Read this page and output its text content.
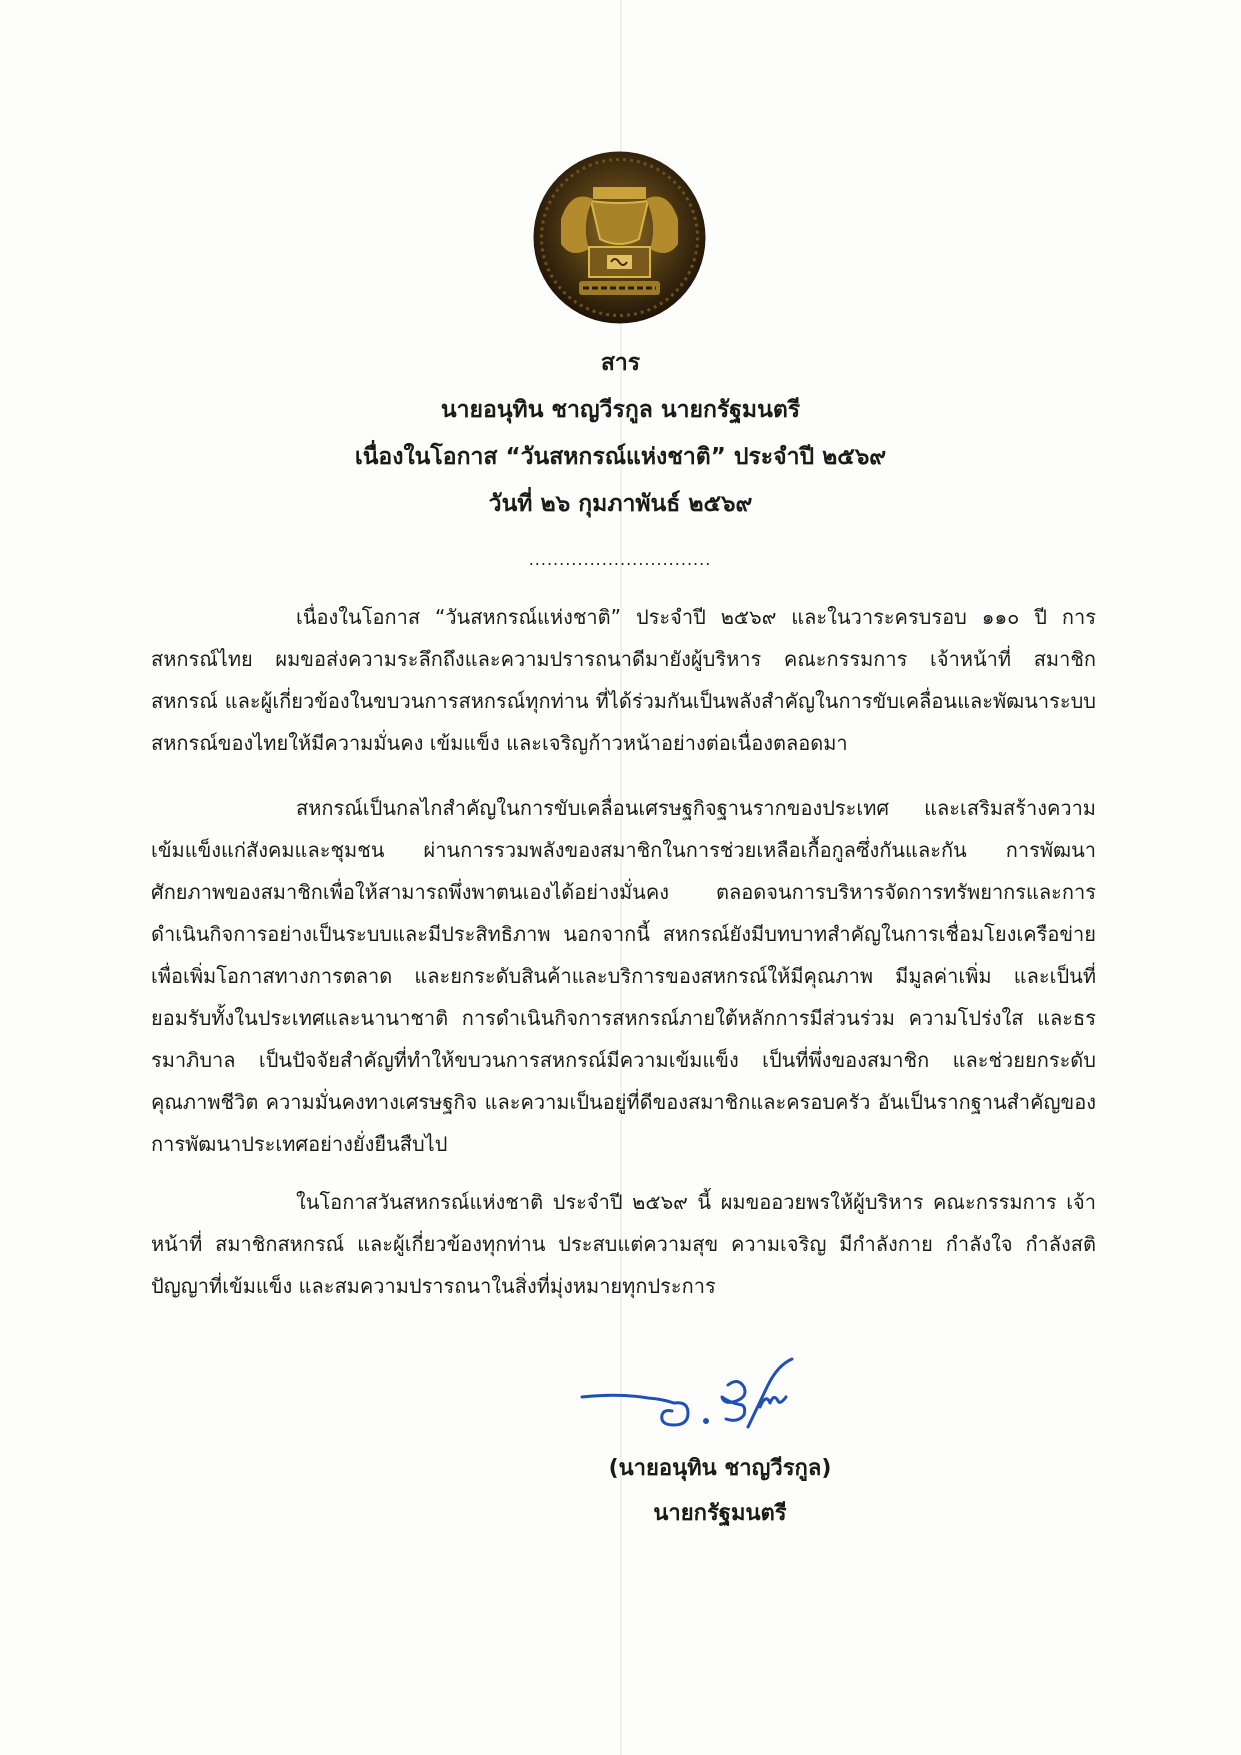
สาร
นายอนุทิน ชาญวีรกูล นายกรัฐมนตรี
เนื่องในโอกาส “วันสหกรณ์แห่งชาติ” ประจำปี ๒๕๖๙
วันที่ ๒๖ กุมภาพันธ์ ๒๕๖๙
..............................

เนื่องในโอกาส “วันสหกรณ์แห่งชาติ” ประจำปี ๒๕๖๙ และในวาระครบรอบ ๑๑๐ ปี การสหกรณ์ไทย ผมขอส่งความระลึกถึงและความปรารถนาดีมายังผู้บริหาร คณะกรรมการ เจ้าหน้าที่ สมาชิกสหกรณ์ และผู้เกี่ยวข้องในขบวนการสหกรณ์ทุกท่าน ที่ได้ร่วมกันเป็นพลังสำคัญในการขับเคลื่อนและพัฒนาระบบสหกรณ์ของไทยให้มีความมั่นคง เข้มแข็ง และเจริญก้าวหน้าอย่างต่อเนื่องตลอดมา

สหกรณ์เป็นกลไกสำคัญในการขับเคลื่อนเศรษฐกิจฐานรากของประเทศ และเสริมสร้างความเข้มแข็งแก่สังคมและชุมชน ผ่านการรวมพลังของสมาชิกในการช่วยเหลือเกื้อกูลซึ่งกันและกัน การพัฒนาศักยภาพของสมาชิกเพื่อให้สามารถพึ่งพาตนเองได้อย่างมั่นคง ตลอดจนการบริหารจัดการทรัพยากรและการดำเนินกิจการอย่างเป็นระบบและมีประสิทธิภาพ นอกจากนี้ สหกรณ์ยังมีบทบาทสำคัญในการเชื่อมโยงเครือข่าย เพื่อเพิ่มโอกาสทางการตลาด และยกระดับสินค้าและบริการของสหกรณ์ให้มีคุณภาพ มีมูลค่าเพิ่ม และเป็นที่ยอมรับทั้งในประเทศและนานาชาติ การดำเนินกิจการสหกรณ์ภายใต้หลักการมีส่วนร่วม ความโปร่งใส และธรรมาภิบาล เป็นปัจจัยสำคัญที่ทำให้ขบวนการสหกรณ์มีความเข้มแข็ง เป็นที่พึ่งของสมาชิก และช่วยยกระดับคุณภาพชีวิต ความมั่นคงทางเศรษฐกิจ และความเป็นอยู่ที่ดีของสมาชิกและครอบครัว อันเป็นรากฐานสำคัญของการพัฒนาประเทศอย่างยั่งยืนสืบไป

ในโอกาสวันสหกรณ์แห่งชาติ ประจำปี ๒๕๖๙ นี้ ผมขออวยพรให้ผู้บริหาร คณะกรรมการ เจ้าหน้าที่ สมาชิกสหกรณ์ และผู้เกี่ยวข้องทุกท่าน ประสบแต่ความสุข ความเจริญ มีกำลังกาย กำลังใจ กำลังสติปัญญาที่เข้มแข็ง และสมความปรารถนาในสิ่งที่มุ่งหมายทุกประการ

(นายอนุทิน ชาญวีรกูล)
นายกรัฐมนตรี
